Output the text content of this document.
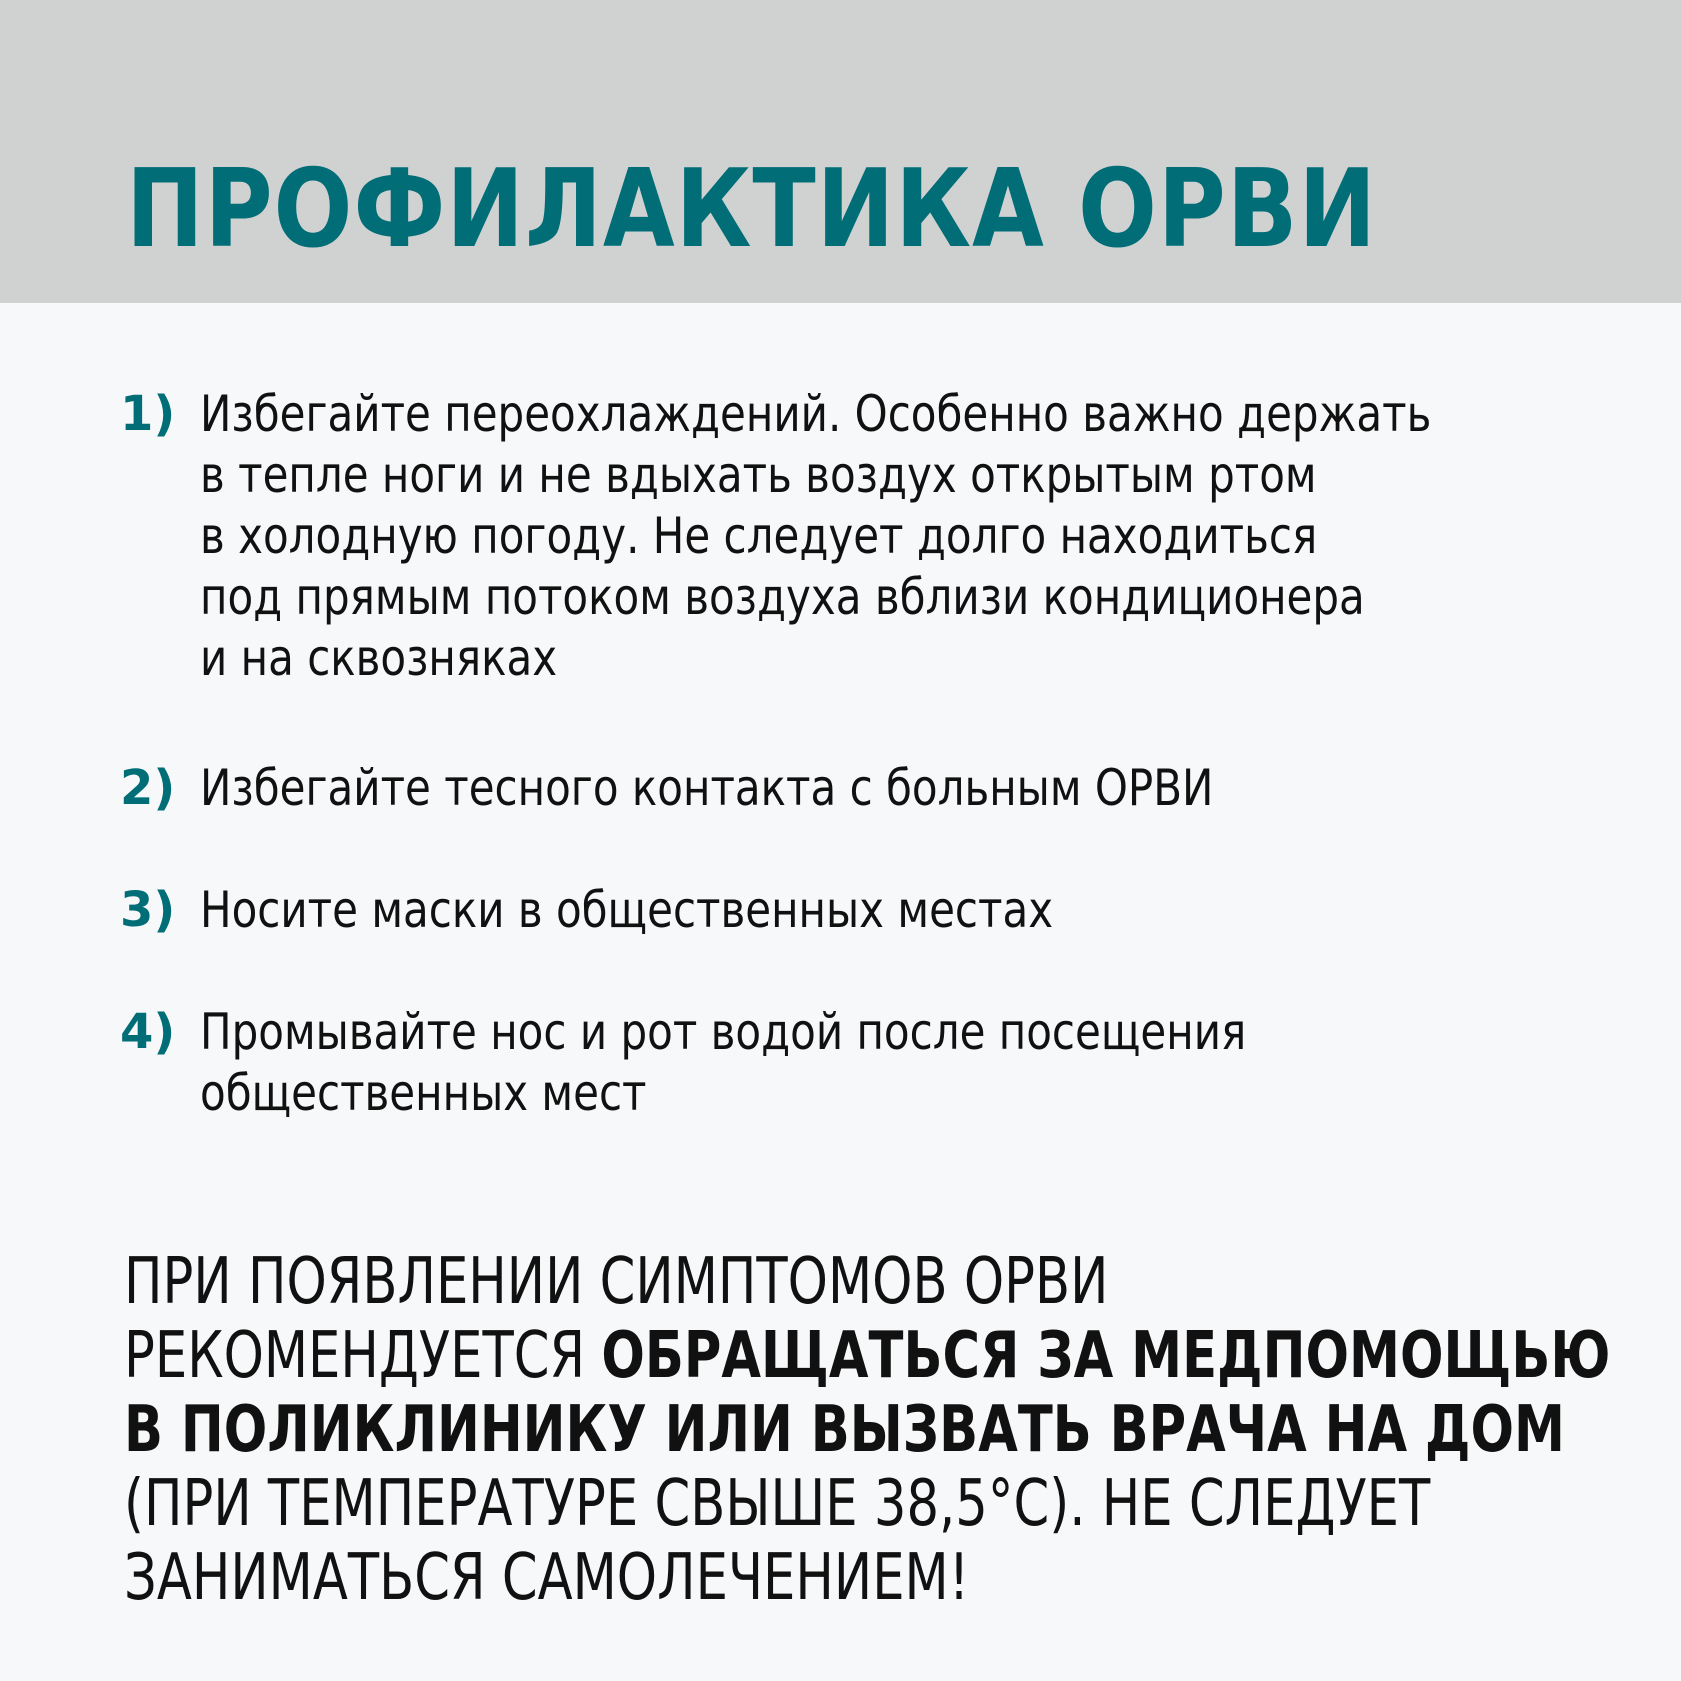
ПРОФИЛАКТИКА ОРВИ
1) Избегайте переохлаждений. Особенно важно держать
в тепле ноги и не вдыхать воздух открытым ртом
в холодную погоду. Не следует долго находиться
под прямым потоком воздуха вблизи кондиционера
и на сквозняках
2) Избегайте тесного контакта с больным ОРВИ
3) Носите маски в общественных местах
4) Промывайте нос и рот водой после посещения
общественных мест
ПРИ ПОЯВЛЕНИИ СИМПТОМОВ ОРВИ
РЕКОМЕНДУЕТСЯ ОБРАЩАТЬСЯ ЗА МЕДПОМОЩЬЮ
В ПОЛИКЛИНИКУ ИЛИ ВЫЗВАТЬ ВРАЧА НА ДОМ
(ПРИ ТЕМПЕРАТУРЕ СВЫШЕ 38,5°С). НЕ СЛЕДУЕТ
ЗАНИМАТЬСЯ САМОЛЕЧЕНИЕМ!
